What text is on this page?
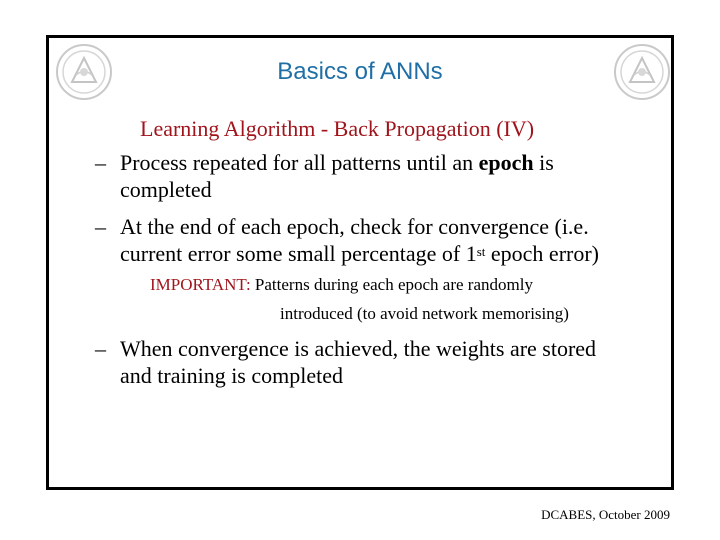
Basics of ANNs
Learning Algorithm - Back Propagation (IV)
– Process repeated for all patterns until an epoch is
completed
– At the end of each epoch, check for convergence (i.e.
current error some small percentage of 1st epoch error)
IMPORTANT: Patterns during each epoch are randomly
introduced (to avoid network memorising)
– When convergence is achieved, the weights are stored
and training is completed
DCABES, October 2009
